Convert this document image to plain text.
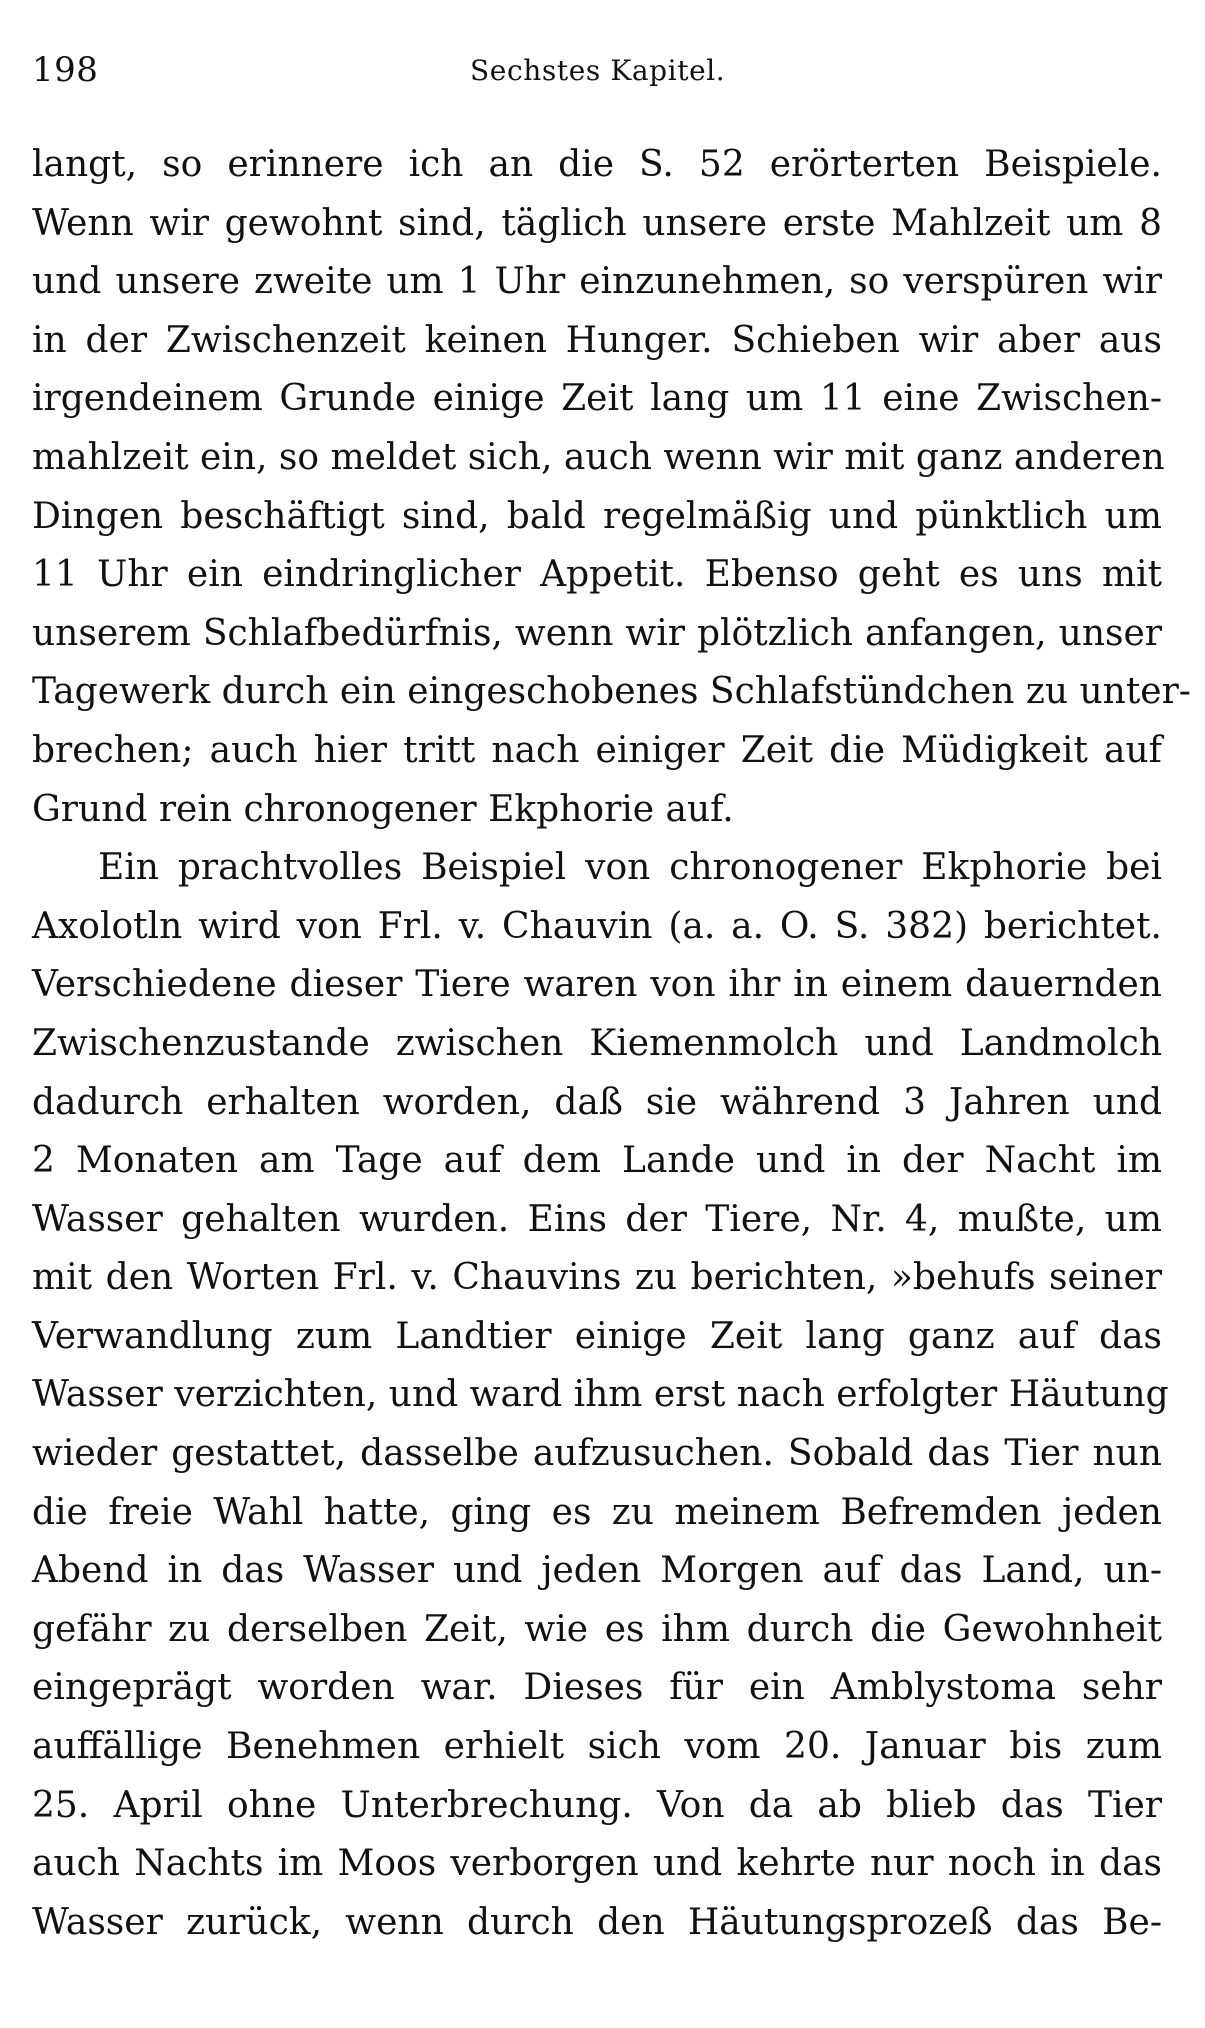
198	Sechstes Kapitel.
langt, so erinnere ich an die S. 52 erörterten Beispiele.
Wenn wir gewohnt sind, täglich unsere erste Mahlzeit um 8
und unsere zweite um 1 Uhr einzunehmen, so verspüren wir
in der Zwischenzeit keinen Hunger. Schieben wir aber aus
irgendeinem Grunde einige Zeit lang um 11 eine Zwischen-
mahlzeit ein, so meldet sich, auch wenn wir mit ganz anderen
Dingen beschäftigt sind, bald regelmäßig und pünktlich um
11 Uhr ein eindringlicher Appetit. Ebenso geht es uns mit
unserem Schlafbedürfnis, wenn wir plötzlich anfangen, unser
Tagewerk durch ein eingeschobenes Schlafstündchen zu unter-
brechen; auch hier tritt nach einiger Zeit die Müdigkeit auf
Grund rein chronogener Ekphorie auf.
Ein prachtvolles Beispiel von chronogener Ekphorie bei
Axolotln wird von Frl. v. Chauvin (a. a. O. S. 382) berichtet.
Verschiedene dieser Tiere waren von ihr in einem dauernden
Zwischenzustande zwischen Kiemenmolch und Landmolch
dadurch erhalten worden, daß sie während 3 Jahren und
2 Monaten am Tage auf dem Lande und in der Nacht im
Wasser gehalten wurden. Eins der Tiere, Nr. 4, mußte, um
mit den Worten Frl. v. Chauvins zu berichten, »behufs seiner
Verwandlung zum Landtier einige Zeit lang ganz auf das
Wasser verzichten, und ward ihm erst nach erfolgter Häutung
wieder gestattet, dasselbe aufzusuchen. Sobald das Tier nun
die freie Wahl hatte, ging es zu meinem Befremden jeden
Abend in das Wasser und jeden Morgen auf das Land, un-
gefähr zu derselben Zeit, wie es ihm durch die Gewohnheit
eingeprägt worden war. Dieses für ein Amblystoma sehr
auffällige Benehmen erhielt sich vom 20. Januar bis zum
25. April ohne Unterbrechung. Von da ab blieb das Tier
auch Nachts im Moos verborgen und kehrte nur noch in das
Wasser zurück, wenn durch den Häutungsprozeß das Be-
